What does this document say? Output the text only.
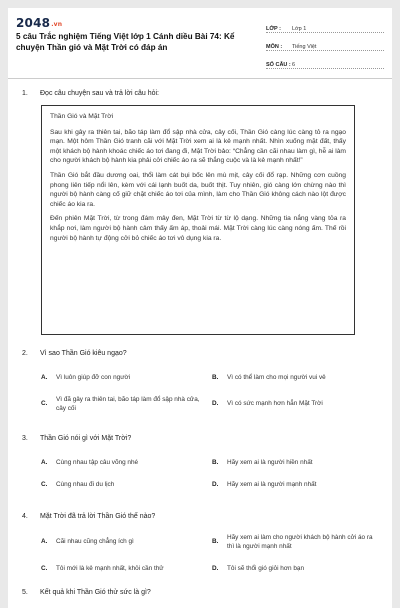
2048.vn
5 câu Trắc nghiệm Tiếng Việt lớp 1 Cánh diều Bài 74: Kể chuyện Thần gió và Mặt Trời có đáp án
LỚP :	Lớp 1
MÔN :	Tiếng Việt
SỐ CÂU : 6
1. Đọc câu chuyện sau và trả lời câu hỏi:
Thần Gió và Mặt Trời

Sau khi gây ra thiên tai, bão táp làm đổ sập nhà cửa, cây cối, Thần Gió càng lúc càng tỏ ra ngạo mạn. Một hôm Thần Gió tranh cãi với Mặt Trời xem ai là kẻ mạnh nhất. Nhìn xuống mặt đất, thấy một khách bộ hành khoác chiếc áo tơi đang đi, Mặt Trời bảo: “Chẳng cần cãi nhau làm gì, hễ ai làm cho người khách bộ hành kia phải cởi chiếc áo ra sẽ thắng cuộc và là kẻ mạnh nhất!”

Thần Gió bắt đầu dương oai, thổi làm cát bụi bốc lên mù mịt, cây cối đổ rạp. Những cơn cuồng phong liên tiếp nổi lên, kèm với cái lạnh buốt da, buốt thịt. Tuy nhiên, gió càng lớn chừng nào thì người bộ hành càng cố giữ chặt chiếc áo tơi của mình, làm cho Thần Gió không cách nào lột được chiếc áo kia ra.

Đến phiên Mặt Trời, từ trong đám mây đen, Mặt Trời từ từ lộ dạng. Những tia nắng vàng tỏa ra khắp nơi, làm người bộ hành cảm thấy ấm áp, thoải mái. Mặt Trời càng lúc càng nóng ấm. Thế rồi người bộ hành tự động cởi bỏ chiếc áo tơi vô dụng kia ra.

2. Vì sao Thần Gió kiêu ngạo?
A. Vì luôn giúp đỡ con người	B. Vì có thể làm cho mọi người vui vẻ
C.
Vì đã gây ra thiên tai, bão táp làm đổ sập nhà cửa, cây cối
D. Vì có sức mạnh hơn hẳn Mặt Trời
3. Thần Gió nói gì với Mặt Trời?
A. Cùng nhau tập câu võng nhé	B. Hãy xem ai là người hiền nhất
C. Cùng nhau đi du lịch	D. Hãy xem ai là người mạnh nhất
4. Mặt Trời đã trả lời Thần Gió thế nào?
A. Cãi nhau cũng chẳng ích gì	B.
Hãy xem ai làm cho người khách bộ hành cởi áo ra thì là người mạnh nhất
C. Tôi mới là kẻ mạnh nhất, khỏi cần thử	D. Tôi sẽ thổi gió giỏi hơn bạn
5. Kết quả khi Thần Gió thử sức là gì?
